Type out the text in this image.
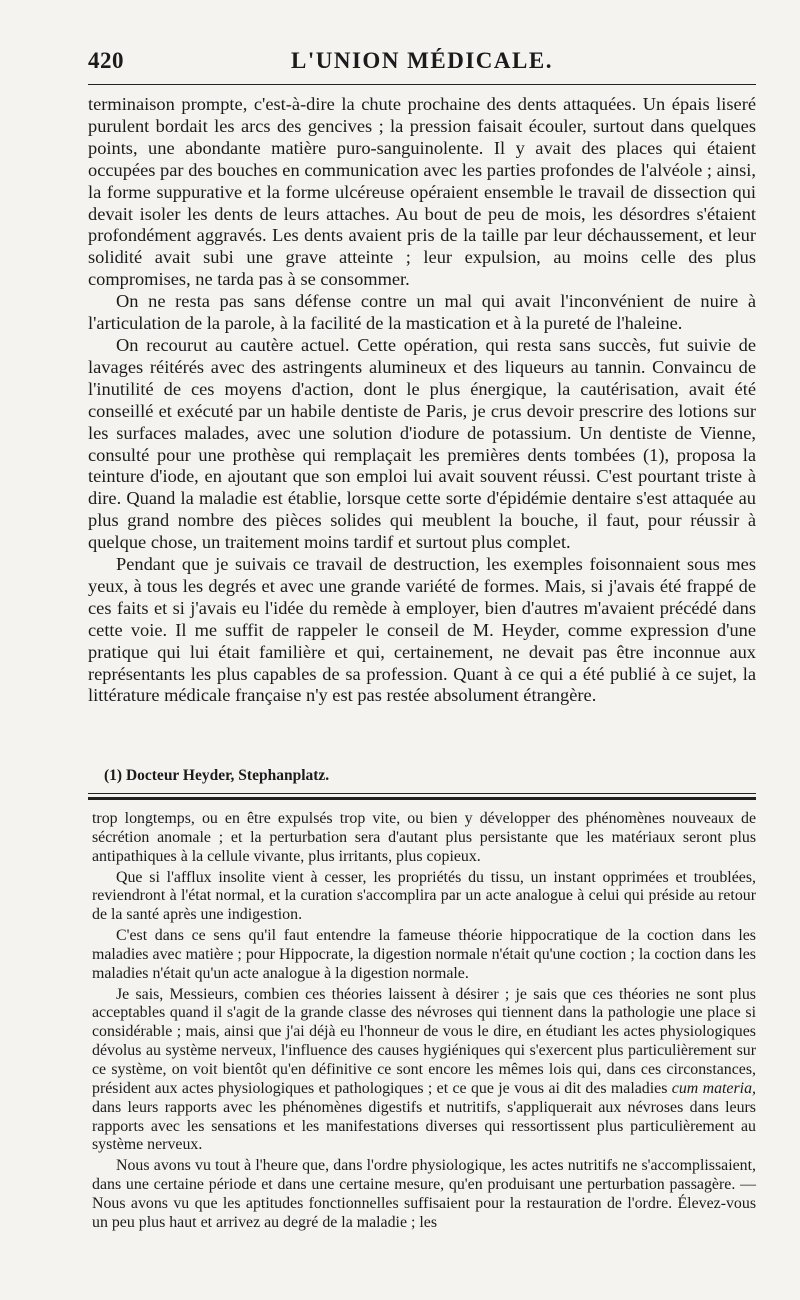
420	L'UNION MÉDICALE.

terminaison prompte, c'est-à-dire la chute prochaine des dents attaquées. Un épais liseré purulent bordait les arcs des gencives ; la pression faisait écouler, surtout dans quelques points, une abondante matière puro-sanguinolente. Il y avait des places qui étaient occupées par des bouches en communication avec les parties profondes de l'alvéole ; ainsi, la forme suppurative et la forme ulcéreuse opéraient ensemble le travail de dissection qui devait isoler les dents de leurs attaches. Au bout de peu de mois, les désordres s'étaient profondément aggravés. Les dents avaient pris de la taille par leur déchaussement, et leur solidité avait subi une grave atteinte ; leur expulsion, au moins celle des plus compromises, ne tarda pas à se consommer.

On ne resta pas sans défense contre un mal qui avait l'inconvénient de nuire à l'articulation de la parole, à la facilité de la mastication et à la pureté de l'haleine.

On recourut au cautère actuel. Cette opération, qui resta sans succès, fut suivie de lavages réitérés avec des astringents alumineux et des liqueurs au tannin. Convaincu de l'inutilité de ces moyens d'action, dont le plus énergique, la cautérisation, avait été conseillé et exécuté par un habile dentiste de Paris, je crus devoir prescrire des lotions sur les surfaces malades, avec une solution d'iodure de potassium. Un dentiste de Vienne, consulté pour une prothèse qui remplaçait les premières dents tombées (1), proposa la teinture d'iode, en ajoutant que son emploi lui avait souvent réussi. C'est pourtant triste à dire. Quand la maladie est établie, lorsque cette sorte d'épidémie dentaire s'est attaquée au plus grand nombre des pièces solides qui meublent la bouche, il faut, pour réussir à quelque chose, un traitement moins tardif et surtout plus complet.

Pendant que je suivais ce travail de destruction, les exemples foisonnaient sous mes yeux, à tous les degrés et avec une grande variété de formes. Mais, si j'avais été frappé de ces faits et si j'avais eu l'idée du remède à employer, bien d'autres m'avaient précédé dans cette voie. Il me suffit de rappeler le conseil de M. Heyder, comme expression d'une pratique qui lui était familière et qui, certainement, ne devait pas être inconnue aux représentants les plus capables de sa profession. Quant à ce qui a été publié à ce sujet, la littérature médicale française n'y est pas restée absolument étrangère.

(1) Docteur Heyder, Stephanplatz.

trop longtemps, ou en être expulsés trop vite, ou bien y développer des phénomènes nouveaux de sécrétion anomale ; et la perturbation sera d'autant plus persistante que les matériaux seront plus antipathiques à la cellule vivante, plus irritants, plus copieux.

Que si l'afflux insolite vient à cesser, les propriétés du tissu, un instant opprimées et troublées, reviendront à l'état normal, et la curation s'accomplira par un acte analogue à celui qui préside au retour de la santé après une indigestion.

C'est dans ce sens qu'il faut entendre la fameuse théorie hippocratique de la coction dans les maladies avec matière ; pour Hippocrate, la digestion normale n'était qu'une coction ; la coction dans les maladies n'était qu'un acte analogue à la digestion normale.

Je sais, Messieurs, combien ces théories laissent à désirer ; je sais que ces théories ne sont plus acceptables quand il s'agit de la grande classe des névroses qui tiennent dans la pathologie une place si considérable ; mais, ainsi que j'ai déjà eu l'honneur de vous le dire, en étudiant les actes physiologiques dévolus au système nerveux, l'influence des causes hygiéniques qui s'exercent plus particulièrement sur ce système, on voit bientôt qu'en définitive ce sont encore les mêmes lois qui, dans ces circonstances, président aux actes physiologiques et pathologiques ; et ce que je vous ai dit des maladies cum materia, dans leurs rapports avec les phénomènes digestifs et nutritifs, s'appliquerait aux névroses dans leurs rapports avec les sensations et les manifestations diverses qui ressortissent plus particulièrement au système nerveux.

Nous avons vu tout à l'heure que, dans l'ordre physiologique, les actes nutritifs ne s'accomplissaient, dans une certaine période et dans une certaine mesure, qu'en produisant une perturbation passagère. — Nous avons vu que les aptitudes fonctionnelles suffisaient pour la restauration de l'ordre. Élevez-vous un peu plus haut et arrivez au degré de la maladie ; les
